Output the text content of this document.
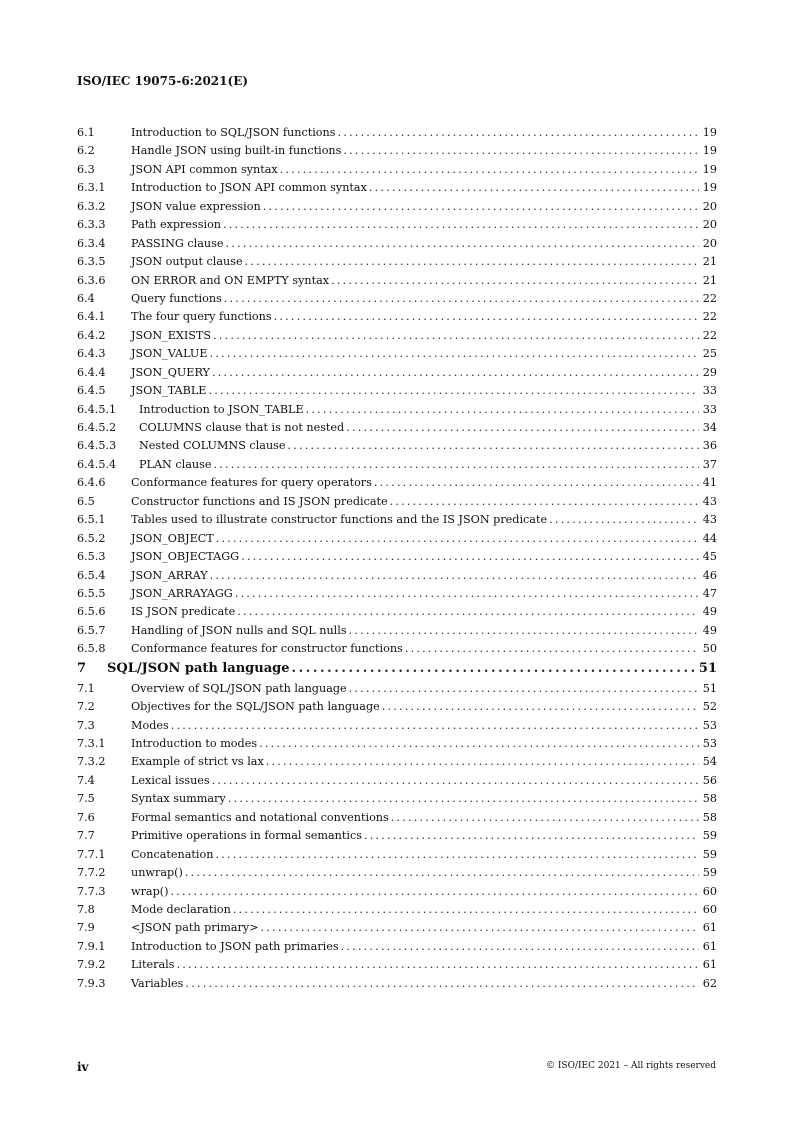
ISO/IEC 19075-6:2021(E)
6.1	Introduction to SQL/JSON functions .....	19
6.2	Handle JSON using built-in functions .....	19
6.3	JSON API common syntax .....	19
6.3.1	Introduction to JSON API common syntax .....	19
6.3.2	JSON value expression .....	20
6.3.3	Path expression .....	20
6.3.4	PASSING clause .....	20
6.3.5	JSON output clause .....	21
6.3.6	ON ERROR and ON EMPTY syntax .....	21
6.4	Query functions .....	22
6.4.1	The four query functions .....	22
6.4.2	JSON_EXISTS .....	22
6.4.3	JSON_VALUE .....	25
6.4.4	JSON_QUERY .....	29
6.4.5	JSON_TABLE .....	33
6.4.5.1	Introduction to JSON_TABLE .....	33
6.4.5.2	COLUMNS clause that is not nested .....	34
6.4.5.3	Nested COLUMNS clause .....	36
6.4.5.4	PLAN clause .....	37
6.4.6	Conformance features for query operators .....	41
6.5	Constructor functions and IS JSON predicate .....	43
6.5.1	Tables used to illustrate constructor functions and the IS JSON predicate .....	43
6.5.2	JSON_OBJECT .....	44
6.5.3	JSON_OBJECTAGG .....	45
6.5.4	JSON_ARRAY .....	46
6.5.5	JSON_ARRAYAGG .....	47
6.5.6	IS JSON predicate .....	49
6.5.7	Handling of JSON nulls and SQL nulls .....	49
6.5.8	Conformance features for constructor functions .....	50
7	SQL/JSON path language .....	51
7.1	Overview of SQL/JSON path language .....	51
7.2	Objectives for the SQL/JSON path language .....	52
7.3	Modes .....	53
7.3.1	Introduction to modes .....	53
7.3.2	Example of strict vs lax .....	54
7.4	Lexical issues .....	56
7.5	Syntax summary .....	58
7.6	Formal semantics and notational conventions .....	58
7.7	Primitive operations in formal semantics .....	59
7.7.1	Concatenation .....	59
7.7.2	unwrap() .....	59
7.7.3	wrap() .....	60
7.8	Mode declaration .....	60
7.9	<JSON path primary> .....	61
7.9.1	Introduction to JSON path primaries .....	61
7.9.2	Literals .....	61
7.9.3	Variables .....	62
iv	© ISO/IEC 2021 – All rights reserved
